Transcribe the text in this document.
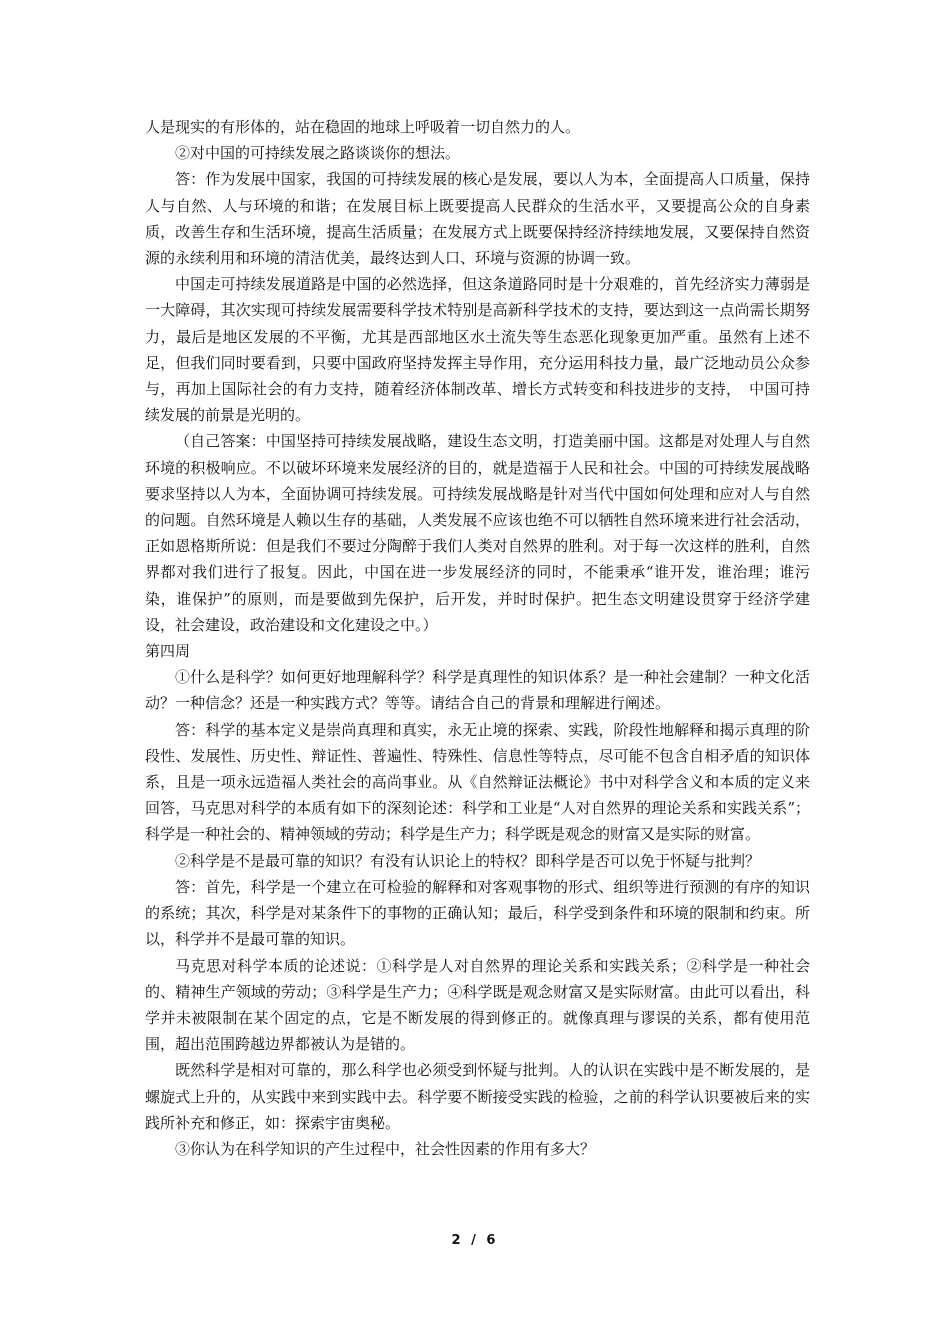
人是现实的有形体的，站在稳固的地球上呼吸着一切自然力的人。

②对中国的可持续发展之路谈谈你的想法。

答：作为发展中国家，我国的可持续发展的核心是发展，要以人为本，全面提高人口质量，保持人与自然、人与环境的和谐；在发展目标上既要提高人民群众的生活水平，又要提高公众的自身素质，改善生存和生活环境，提高生活质量；在发展方式上既要保持经济持续地发展，又要保持自然资源的永续利用和环境的清洁优美，最终达到人口、环境与资源的协调一致。

中国走可持续发展道路是中国的必然选择，但这条道路同时是十分艰难的，首先经济实力薄弱是一大障碍，其次实现可持续发展需要科学技术特别是高新科学技术的支持，要达到这一点尚需长期努力，最后是地区发展的不平衡，尤其是西部地区水土流失等生态恶化现象更加严重。虽然有上述不足，但我们同时要看到，只要中国政府坚持发挥主导作用，充分运用科技力量，最广泛地动员公众参与，再加上国际社会的有力支持，随着经济体制改革、增长方式转变和科技进步的支持，　中国可持续发展的前景是光明的。

（自己答案：中国坚持可持续发展战略，建设生态文明，打造美丽中国。这都是对处理人与自然环境的积极响应。不以破坏环境来发展经济的目的，就是造福于人民和社会。中国的可持续发展战略要求坚持以人为本，全面协调可持续发展。可持续发展战略是针对当代中国如何处理和应对人与自然的问题。自然环境是人赖以生存的基础，人类发展不应该也绝不可以牺牲自然环境来进行社会活动，正如恩格斯所说：但是我们不要过分陶醉于我们人类对自然界的胜利。对于每一次这样的胜利，自然界都对我们进行了报复。因此，中国在进一步发展经济的同时，不能秉承“谁开发，谁治理；谁污染，谁保护”的原则，而是要做到先保护，后开发，并时时保护。把生态文明建设贯穿于经济学建设，社会建设，政治建设和文化建设之中。）

第四周

①什么是科学？如何更好地理解科学？科学是真理性的知识体系？是一种社会建制？一种文化活动？一种信念？还是一种实践方式？等等。请结合自己的背景和理解进行阐述。

答：科学的基本定义是崇尚真理和真实，永无止境的探索、实践，阶段性地解释和揭示真理的阶段性、发展性、历史性、辩证性、普遍性、特殊性、信息性等特点，尽可能不包含自相矛盾的知识体系，且是一项永远造福人类社会的高尚事业。从《自然辩证法概论》书中对科学含义和本质的定义来回答，马克思对科学的本质有如下的深刻论述：科学和工业是“人对自然界的理论关系和实践关系”；科学是一种社会的、精神领域的劳动；科学是生产力；科学既是观念的财富又是实际的财富。

②科学是不是最可靠的知识？有没有认识论上的特权？即科学是否可以免于怀疑与批判？

答：首先，科学是一个建立在可检验的解释和对客观事物的形式、组织等进行预测的有序的知识的系统；其次，科学是对某条件下的事物的正确认知；最后，科学受到条件和环境的限制和约束。所以，科学并不是最可靠的知识。

马克思对科学本质的论述说：①科学是人对自然界的理论关系和实践关系；②科学是一种社会的、精神生产领域的劳动；③科学是生产力；④科学既是观念财富又是实际财富。由此可以看出，科学并未被限制在某个固定的点，它是不断发展的得到修正的。就像真理与谬误的关系，都有使用范围，超出范围跨越边界都被认为是错的。

既然科学是相对可靠的，那么科学也必须受到怀疑与批判。人的认识在实践中是不断发展的，是螺旋式上升的，从实践中来到实践中去。科学要不断接受实践的检验，之前的科学认识要被后来的实践所补充和修正，如：探索宇宙奥秘。

③你认为在科学知识的产生过程中，社会性因素的作用有多大？

2 / 6
